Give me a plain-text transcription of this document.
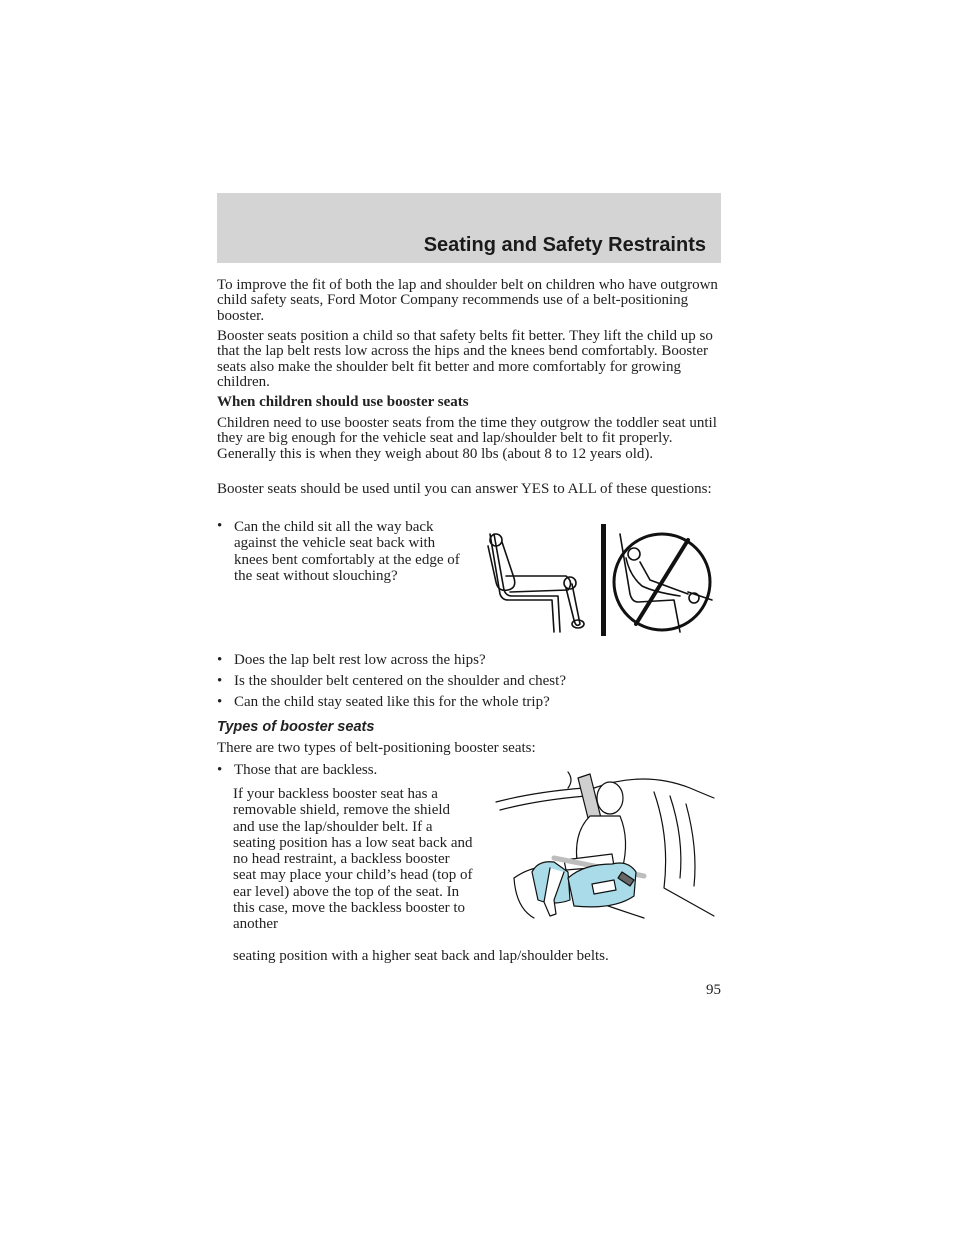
Seating and Safety Restraints

To improve the fit of both the lap and shoulder belt on children who have outgrown child safety seats, Ford Motor Company recommends use of a belt-positioning booster.

Booster seats position a child so that safety belts fit better. They lift the child up so that the lap belt rests low across the hips and the knees bend comfortably. Booster seats also make the shoulder belt fit better and more comfortably for growing children.

When children should use booster seats

Children need to use booster seats from the time they outgrow the toddler seat until they are big enough for the vehicle seat and lap/shoulder belt to fit properly. Generally this is when they weigh about 80 lbs (about 8 to 12 years old).

Booster seats should be used until you can answer YES to ALL of these questions:

• Can the child sit all the way back against the vehicle seat back with knees bent comfortably at the edge of the seat without slouching?
• Does the lap belt rest low across the hips?
• Is the shoulder belt centered on the shoulder and chest?
• Can the child stay seated like this for the whole trip?

Types of booster seats

There are two types of belt-positioning booster seats:

• Those that are backless.

If your backless booster seat has a removable shield, remove the shield and use the lap/shoulder belt. If a seating position has a low seat back and no head restraint, a backless booster seat may place your child’s head (top of ear level) above the top of the seat. In this case, move the backless booster to another

seating position with a higher seat back and lap/shoulder belts.

95
